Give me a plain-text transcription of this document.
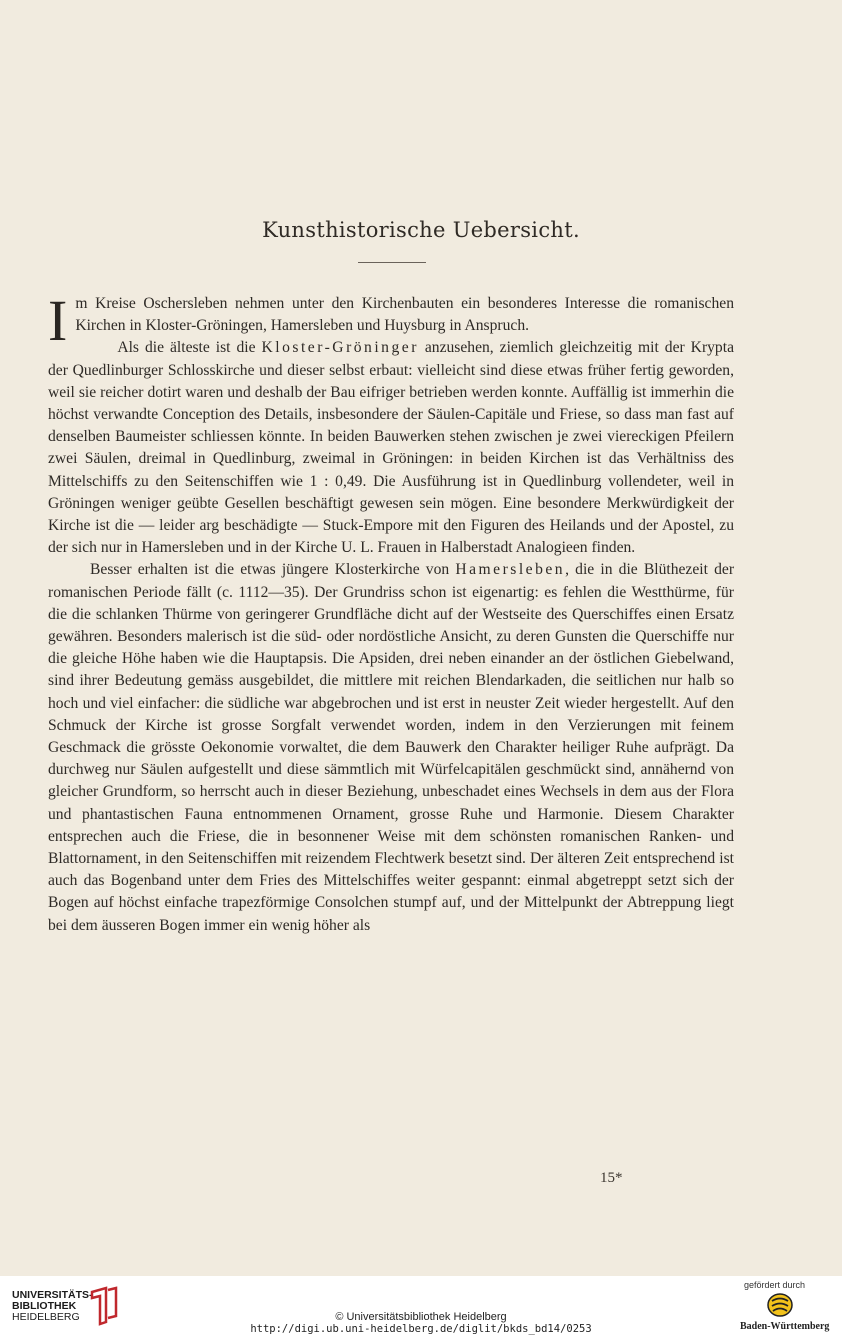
Kunsthistorische Uebersicht.

Im Kreise Oschersleben nehmen unter den Kirchenbauten ein besonderes Interesse die romanischen Kirchen in Kloster-Gröningen, Hamersleben und Huysburg in Anspruch.

Als die älteste ist die Kloster-Gröninger anzusehen, ziemlich gleichzeitig mit der Krypta der Quedlinburger Schlosskirche und dieser selbst erbaut: vielleicht sind diese etwas früher fertig geworden, weil sie reicher dotirt waren und deshalb der Bau eifriger betrieben werden konnte. Auffällig ist immerhin die höchst verwandte Conception des Details, insbesondere der Säulen-Capitäle und Friese, so dass man fast auf denselben Baumeister schliessen könnte. In beiden Bauwerken stehen zwischen je zwei viereckigen Pfeilern zwei Säulen, dreimal in Quedlinburg, zweimal in Gröningen: in beiden Kirchen ist das Verhältniss des Mittelschiffs zu den Seitenschiffen wie 1 : 0,49. Die Ausführung ist in Quedlinburg vollendeter, weil in Gröningen weniger geübte Gesellen beschäftigt gewesen sein mögen. Eine besondere Merkwürdigkeit der Kirche ist die — leider arg beschädigte — Stuck-Empore mit den Figuren des Heilands und der Apostel, zu der sich nur in Hamersleben und in der Kirche U. L. Frauen in Halberstadt Analogieen finden.

Besser erhalten ist die etwas jüngere Klosterkirche von Hamersleben, die in die Blüthezeit der romanischen Periode fällt (c. 1112—35). Der Grundriss schon ist eigenartig: es fehlen die Westthürme, für die die schlanken Thürme von geringerer Grundfläche dicht auf der Westseite des Querschiffes einen Ersatz gewähren. Besonders malerisch ist die süd- oder nordöstliche Ansicht, zu deren Gunsten die Querschiffe nur die gleiche Höhe haben wie die Hauptapsis. Die Apsiden, drei neben einander an der östlichen Giebelwand, sind ihrer Bedeutung gemäss ausgebildet, die mittlere mit reichen Blendarkaden, die seitlichen nur halb so hoch und viel einfacher: die südliche war abgebrochen und ist erst in neuster Zeit wieder hergestellt. Auf den Schmuck der Kirche ist grosse Sorgfalt verwendet worden, indem in den Verzierungen mit feinem Geschmack die grösste Oekonomie vorwaltet, die dem Bauwerk den Charakter heiliger Ruhe aufprägt. Da durchweg nur Säulen aufgestellt und diese sämmtlich mit Würfelcapitälen geschmückt sind, annähernd von gleicher Grundform, so herrscht auch in dieser Beziehung, unbeschadet eines Wechsels in dem aus der Flora und phantastischen Fauna entnommenen Ornament, grosse Ruhe und Harmonie. Diesem Charakter entsprechen auch die Friese, die in besonnener Weise mit dem schönsten romanischen Ranken- und Blattornament, in den Seitenschiffen mit reizendem Flechtwerk besetzt sind. Der älteren Zeit entsprechend ist auch das Bogenband unter dem Fries des Mittelschiffes weiter gespannt: einmal abgetreppt setzt sich der Bogen auf höchst einfache trapezförmige Consolchen stumpf auf, und der Mittelpunkt der Abtreppung liegt bei dem äusseren Bogen immer ein wenig höher als

15*
UNIVERSITÄTS-
BIBLIOTHEK
HEIDELBERG	© Universitätsbibliothek Heidelberg
http://digi.ub.uni-heidelberg.de/diglit/bkds_bd14/0253
gefördert durch
Baden-Württemberg
